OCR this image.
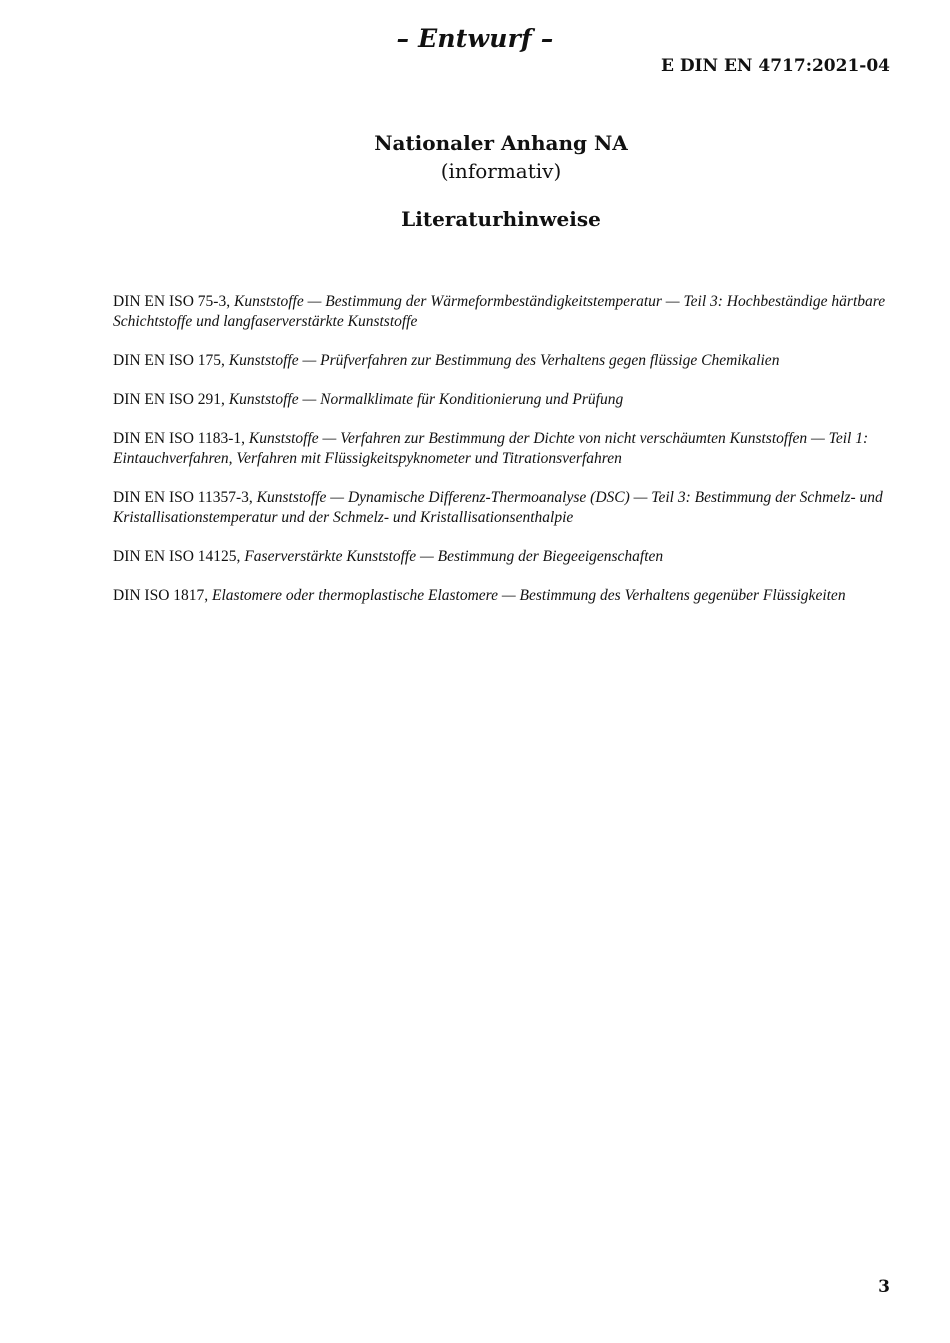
– Entwurf –
E DIN EN 4717:2021-04
Nationaler Anhang NA
(informativ)
Literaturhinweise

DIN EN ISO 75-3, Kunststoffe — Bestimmung der Wärmeformbeständigkeitstemperatur — Teil 3: Hochbeständige härtbare Schichtstoffe und langfaserverstärkte Kunststoffe

DIN EN ISO 175, Kunststoffe — Prüfverfahren zur Bestimmung des Verhaltens gegen flüssige Chemikalien

DIN EN ISO 291, Kunststoffe — Normalklimate für Konditionierung und Prüfung

DIN EN ISO 1183-1, Kunststoffe — Verfahren zur Bestimmung der Dichte von nicht verschäumten Kunststoffen — Teil 1: Eintauchverfahren, Verfahren mit Flüssigkeitspyknometer und Titrationsverfahren

DIN EN ISO 11357-3, Kunststoffe — Dynamische Differenz-Thermoanalyse (DSC) — Teil 3: Bestimmung der Schmelz- und Kristallisationstemperatur und der Schmelz- und Kristallisationsenthalpie

DIN EN ISO 14125, Faserverstärkte Kunststoffe — Bestimmung der Biegeeigenschaften

DIN ISO 1817, Elastomere oder thermoplastische Elastomere — Bestimmung des Verhaltens gegenüber Flüssigkeiten

3
